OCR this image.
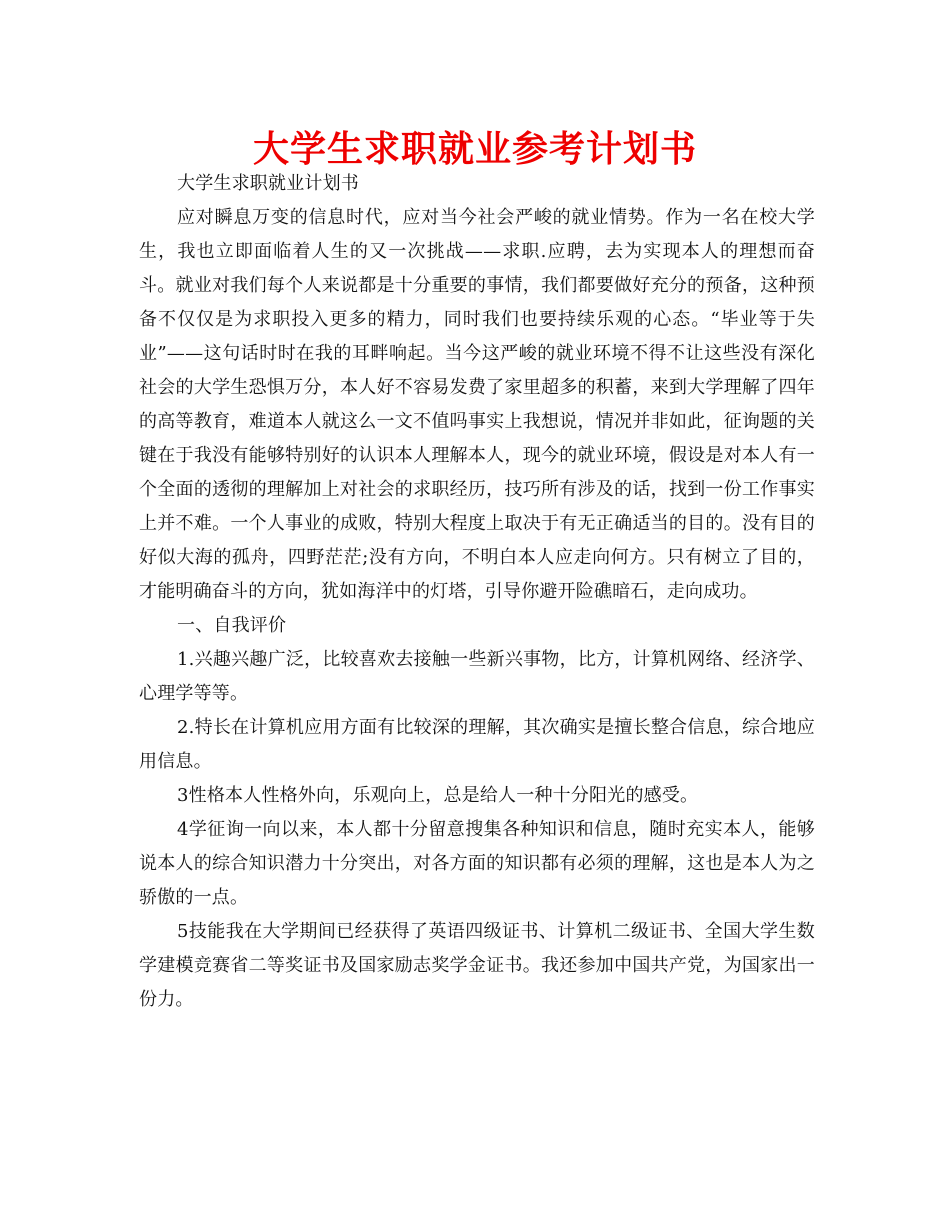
大学生求职就业参考计划书

大学生求职就业计划书

应对瞬息万变的信息时代，应对当今社会严峻的就业情势。作为一名在校大学生，我也立即面临着人生的又一次挑战——求职.应聘，去为实现本人的理想而奋斗。就业对我们每个人来说都是十分重要的事情，我们都要做好充分的预备，这种预备不仅仅是为求职投入更多的精力，同时我们也要持续乐观的心态。“毕业等于失业”——这句话时时在我的耳畔响起。当今这严峻的就业环境不得不让这些没有深化社会的大学生恐惧万分，本人好不容易发费了家里超多的积蓄，来到大学理解了四年的高等教育，难道本人就这么一文不值吗事实上我想说，情况并非如此，征询题的关键在于我没有能够特别好的认识本人理解本人，现今的就业环境，假设是对本人有一个全面的透彻的理解加上对社会的求职经历，技巧所有涉及的话，找到一份工作事实上并不难。一个人事业的成败，特别大程度上取决于有无正确适当的目的。没有目的好似大海的孤舟，四野茫茫;没有方向，不明白本人应走向何方。只有树立了目的，才能明确奋斗的方向，犹如海洋中的灯塔，引导你避开险礁暗石，走向成功。

一、自我评价

1.兴趣兴趣广泛，比较喜欢去接触一些新兴事物，比方，计算机网络、经济学、心理学等等。

2.特长在计算机应用方面有比较深的理解，其次确实是擅长整合信息，综合地应用信息。

3性格本人性格外向，乐观向上，总是给人一种十分阳光的感受。

4学征询一向以来，本人都十分留意搜集各种知识和信息，随时充实本人，能够说本人的综合知识潜力十分突出，对各方面的知识都有必须的理解，这也是本人为之骄傲的一点。

5技能我在大学期间已经获得了英语四级证书、计算机二级证书、全国大学生数学建模竞赛省二等奖证书及国家励志奖学金证书。我还参加中国共产党，为国家出一份力。
